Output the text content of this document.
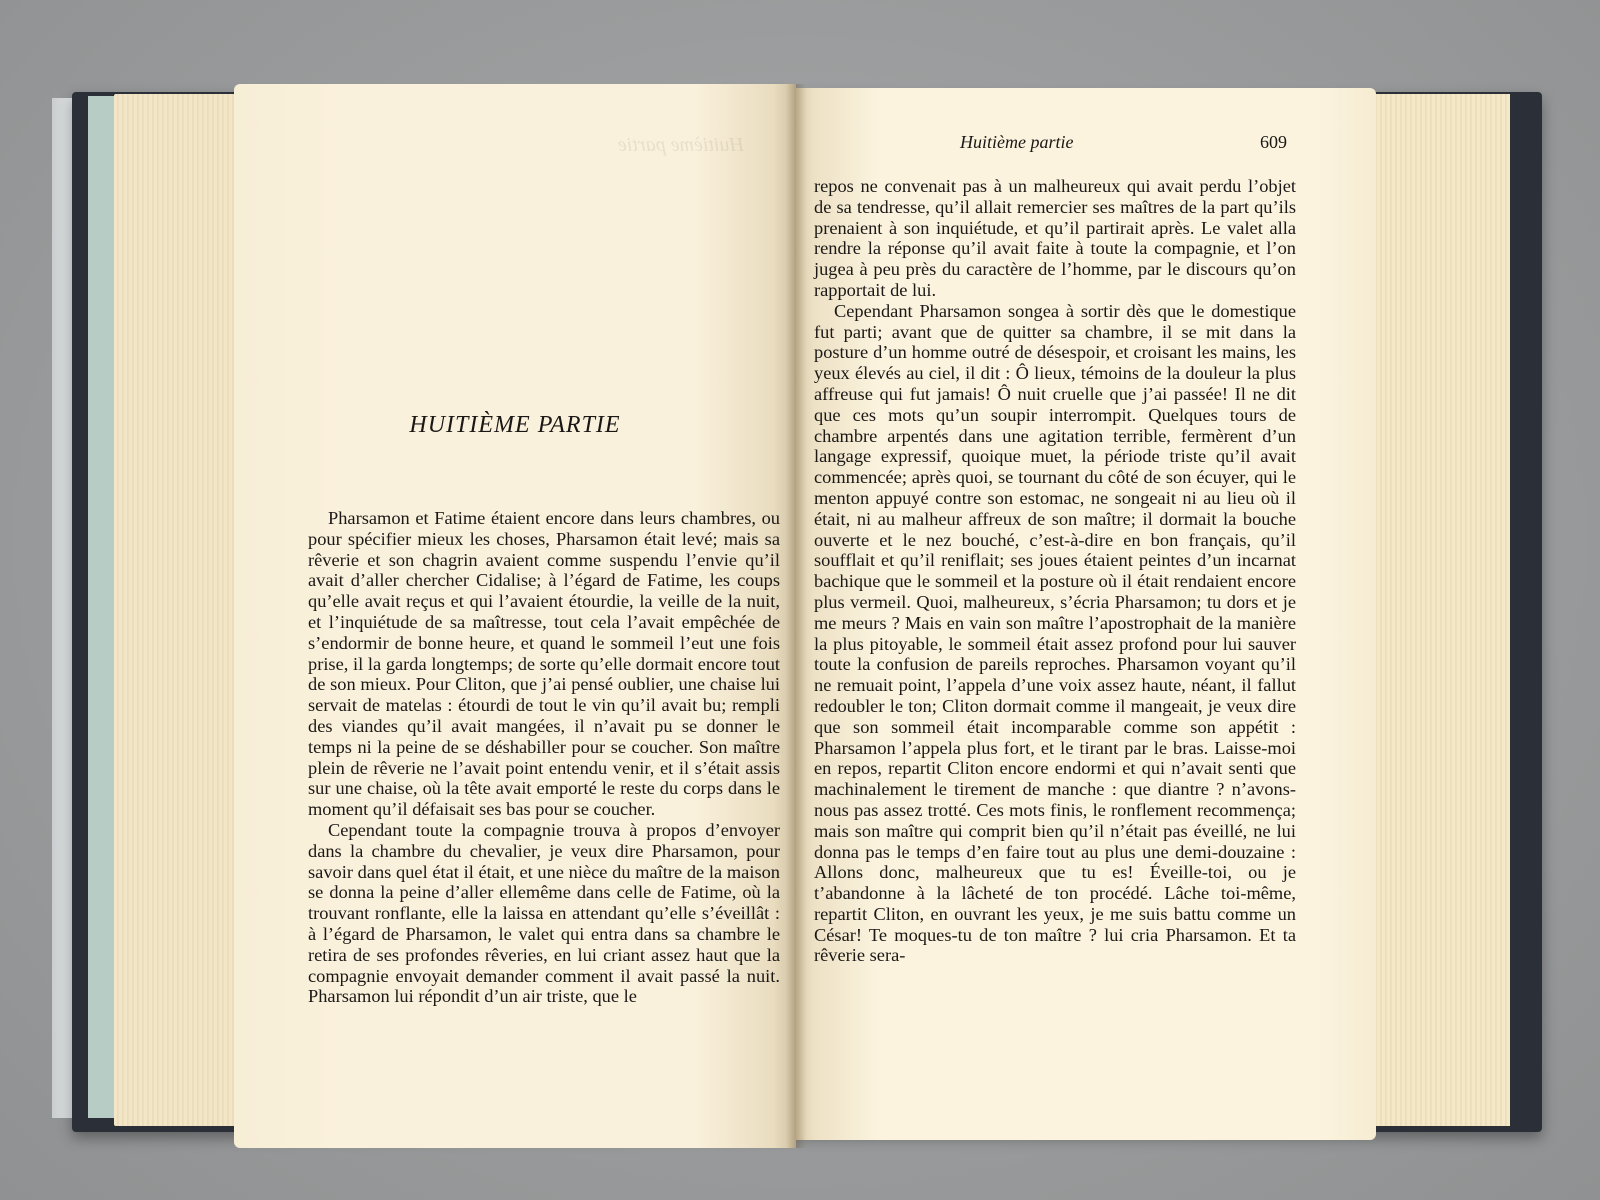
Huitième partie
HUITIÈME PARTIE

Pharsamon et Fatime étaient encore dans leurs chambres, ou pour spécifier mieux les choses, Pharsamon était levé; mais sa rêverie et son chagrin avaient comme suspendu l’envie qu’il avait d’aller chercher Cidalise; à l’égard de Fatime, les coups qu’elle avait reçus et qui l’avaient étourdie, la veille de la nuit, et l’inquiétude de sa maîtresse, tout cela l’avait empêchée de s’endormir de bonne heure, et quand le sommeil l’eut une fois prise, il la garda longtemps; de sorte qu’elle dormait encore tout de son mieux. Pour Cliton, que j’ai pensé oublier, une chaise lui servait de matelas : étourdi de tout le vin qu’il avait bu; rempli des viandes qu’il avait mangées, il n’avait pu se donner le temps ni la peine de se déshabiller pour se coucher. Son maître plein de rêverie ne l’avait point entendu venir, et il s’était assis sur une chaise, où la tête avait emporté le reste du corps dans le moment qu’il défaisait ses bas pour se coucher.

Cependant toute la compagnie trouva à propos d’envoyer dans la chambre du chevalier, je veux dire Pharsamon, pour savoir dans quel état il était, et une nièce du maître de la maison se donna la peine d’aller ellemême dans celle de Fatime, où la trouvant ronflante, elle la laissa en attendant qu’elle s’éveillât : à l’égard de Pharsamon, le valet qui entra dans sa chambre le retira de ses profondes rêveries, en lui criant assez haut que la compagnie envoyait demander comment il avait passé la nuit. Pharsamon lui répondit d’un air triste, que le

Huitième partie	609

repos ne convenait pas à un malheureux qui avait perdu l’objet de sa tendresse, qu’il allait remercier ses maîtres de la part qu’ils prenaient à son inquiétude, et qu’il partirait après. Le valet alla rendre la réponse qu’il avait faite à toute la compagnie, et l’on jugea à peu près du caractère de l’homme, par le discours qu’on rapportait de lui.

Cependant Pharsamon songea à sortir dès que le domestique fut parti; avant que de quitter sa chambre, il se mit dans la posture d’un homme outré de désespoir, et croisant les mains, les yeux élevés au ciel, il dit : Ô lieux, témoins de la douleur la plus affreuse qui fut jamais! Ô nuit cruelle que j’ai passée! Il ne dit que ces mots qu’un soupir interrompit. Quelques tours de chambre arpentés dans une agitation terrible, fermèrent d’un langage expressif, quoique muet, la période triste qu’il avait commencée; après quoi, se tournant du côté de son écuyer, qui le menton appuyé contre son estomac, ne songeait ni au lieu où il était, ni au malheur affreux de son maître; il dormait la bouche ouverte et le nez bouché, c’est-à-dire en bon français, qu’il soufflait et qu’il reniflait; ses joues étaient peintes d’un incarnat bachique que le sommeil et la posture où il était rendaient encore plus vermeil. Quoi, malheureux, s’écria Pharsamon; tu dors et je me meurs ? Mais en vain son maître l’apostrophait de la manière la plus pitoyable, le sommeil était assez profond pour lui sauver toute la confusion de pareils reproches. Pharsamon voyant qu’il ne remuait point, l’appela d’une voix assez haute, néant, il fallut redoubler le ton; Cliton dormait comme il mangeait, je veux dire que son sommeil était incomparable comme son appétit : Pharsamon l’appela plus fort, et le tirant par le bras. Laisse-moi en repos, repartit Cliton encore endormi et qui n’avait senti que machinalement le tirement de manche : que diantre ? n’avons-nous pas assez trotté. Ces mots finis, le ronflement recommença; mais son maître qui comprit bien qu’il n’était pas éveillé, ne lui donna pas le temps d’en faire tout au plus une demi-douzaine : Allons donc, malheureux que tu es! Éveille-toi, ou je t’abandonne à la lâcheté de ton procédé. Lâche toi-même, repartit Cliton, en ouvrant les yeux, je me suis battu comme un César! Te moques-tu de ton maître ? lui cria Pharsamon. Et ta rêverie sera-
